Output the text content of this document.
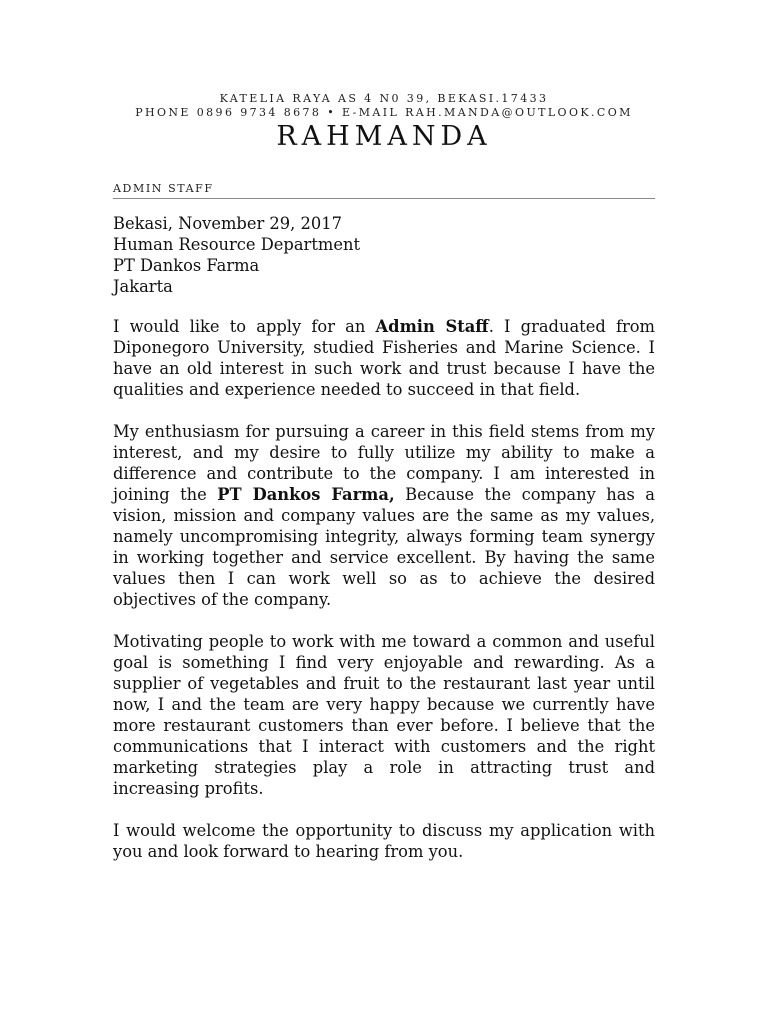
KATELIA RAYA AS 4 N0 39, BEKASI.17433
PHONE 0896 9734 8678 • E-MAIL RAH.MANDA@OUTLOOK.COM
RAHMANDA
ADMIN STAFF
Bekasi, November 29, 2017
Human Resource Department
PT Dankos Farma
Jakarta
I would like to apply for an Admin Staff. I graduated from Diponegoro University, studied Fisheries and Marine Science. I have an old interest in such work and trust because I have the qualities and experience needed to succeed in that field.
My enthusiasm for pursuing a career in this field stems from my interest, and my desire to fully utilize my ability to make a difference and contribute to the company. I am interested in joining the PT Dankos Farma, Because the company has a vision, mission and company values are the same as my values, namely uncompromising integrity, always forming team synergy in working together and service excellent. By having the same values then I can work well so as to achieve the desired objectives of the company.
Motivating people to work with me toward a common and useful goal is something I find very enjoyable and rewarding. As a supplier of vegetables and fruit to the restaurant last year until now, I and the team are very happy because we currently have more restaurant customers than ever before. I believe that the communications that I interact with customers and the right marketing strategies play a role in attracting trust and increasing profits.
I would welcome the opportunity to discuss my application with you and look forward to hearing from you.
